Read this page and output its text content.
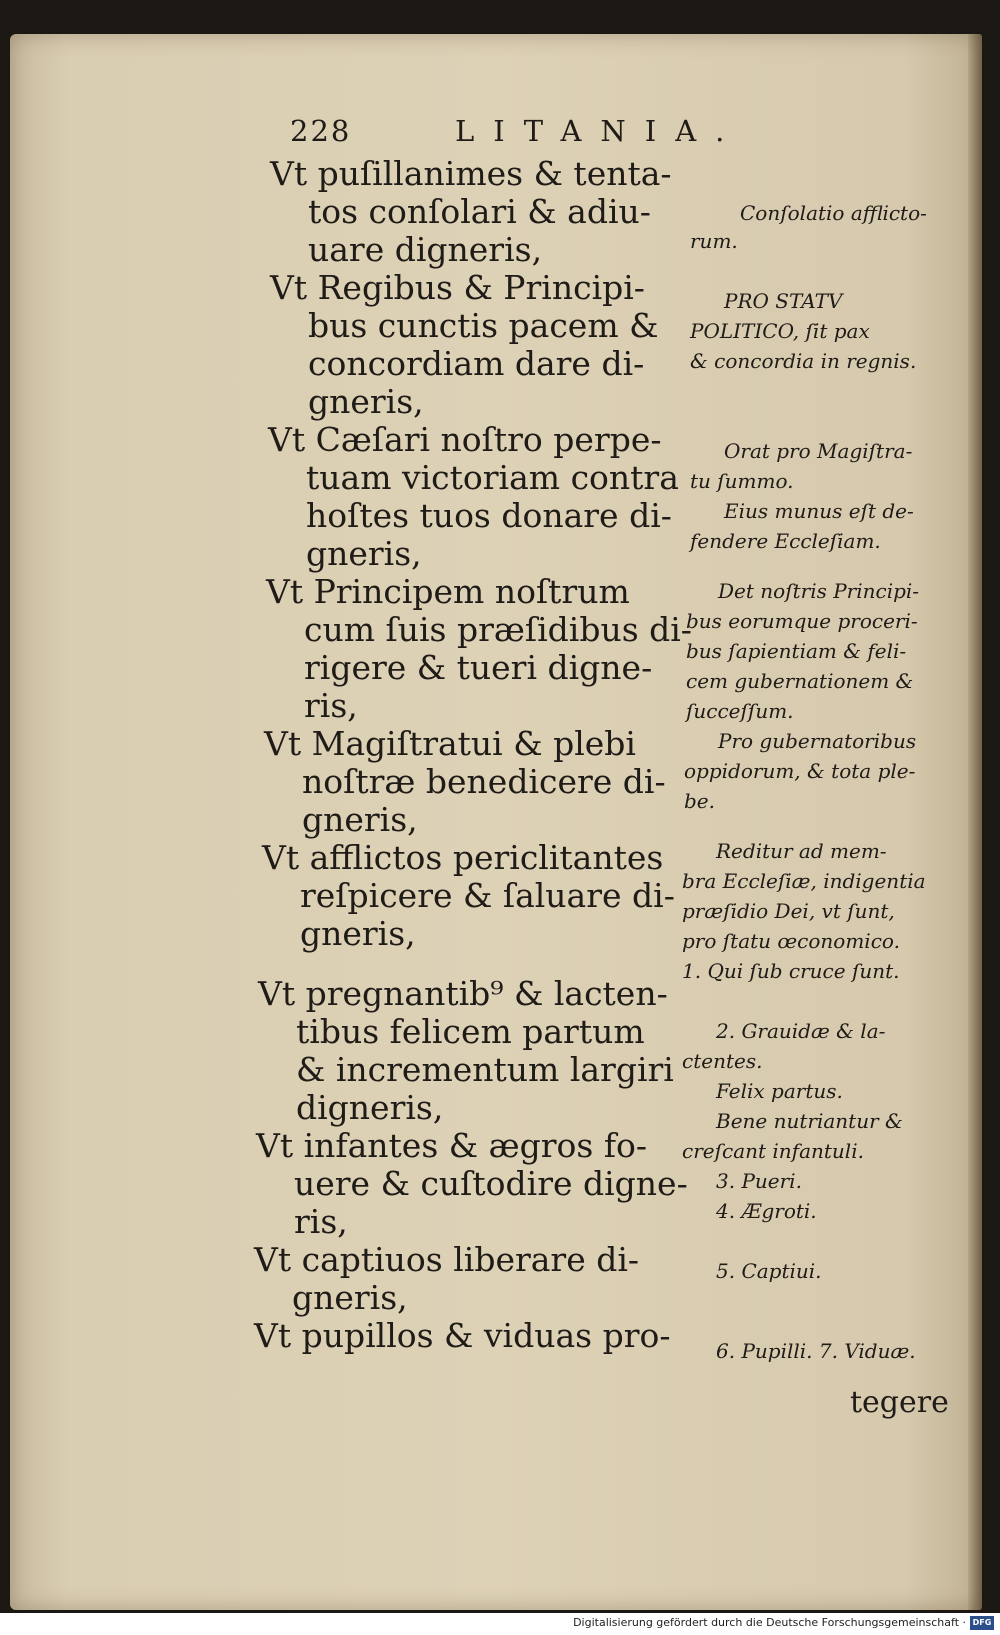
228	LITANIA.
Vt puſillanimes & tenta-
tos conſolari & adiu-
uare digneris,
Vt Regibus & Principi-
bus cunctis pacem &
concordiam dare di-
gneris,
Vt Cæſari noſtro perpe-
tuam victoriam contra
hoſtes tuos donare di-
gneris,
Vt Principem noſtrum
cum ſuis præſidibus di-
rigere & tueri digne-
ris,
Vt Magiſtratui & plebi
noſtræ benedicere di-
gneris,
Vt afflictos periclitantes
reſpicere & ſaluare di-
gneris,
Vt pregnantib⁹ & lacten-
tibus felicem partum
& incrementum largiri
digneris,
Vt infantes & ægros fo-
uere & cuſtodire digne-
ris,
Vt captiuos liberare di-
gneris,
Vt pupillos & viduas pro-
Conſolatio afflicto-
rum.
PRO STATV
POLITICO, ſit pax
& concordia in regnis.
Orat pro Magiſtra-
tu ſummo.
Eius munus eſt de-
fendere Eccleſiam.
Det noſtris Principi-
bus eorumque proceri-
bus ſapientiam & feli-
cem gubernationem &
ſucceſſum.
Pro gubernatoribus
oppidorum, & tota ple-
be.
Reditur ad mem-
bra Eccleſiæ, indigentia
præſidio Dei, vt ſunt,
pro ſtatu œconomico.
1. Qui ſub cruce ſunt.
2. Grauidæ & la-
ctentes.
Felix partus.
Bene nutriantur &
creſcant infantuli.
3. Pueri.
4. Ægroti.
5. Captiui.
6. Pupilli. 7. Viduæ.
tegere
Digitalisierung gefördert durch die Deutsche Forschungsgemeinschaft · DFG
